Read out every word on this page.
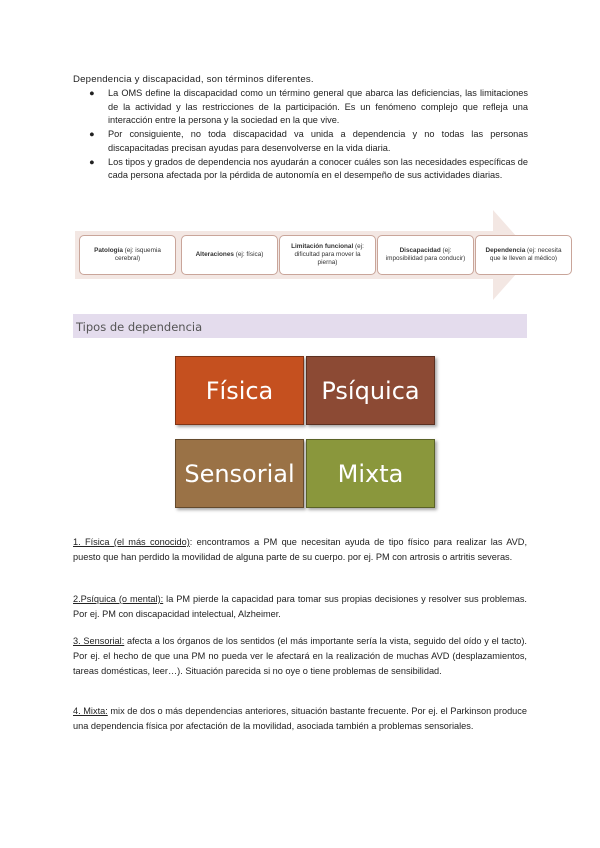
Dependencia y discapacidad, son términos diferentes.
● La OMS define la discapacidad como un término general que abarca las deficiencias, las limitaciones de la actividad y las restricciones de la participación. Es un fenómeno complejo que refleja una interacción entre la persona y la sociedad en la que vive.
● Por consiguiente, no toda discapacidad va unida a dependencia y no todas las personas discapacitadas precisan ayudas para desenvolverse en la vida diaria.
● Los tipos y grados de dependencia nos ayudarán a conocer cuáles son las necesidades específicas de cada persona afectada por la pérdida de autonomía en el desempeño de sus actividades diarias.
Patología (ej: isquemia cerebral)
Alteraciones (ej: física)
Limitación funcional (ej: dificultad para mover la pierna)
Discapacidad (ej: imposibilidad para conducir)
Dependencia (ej: necesita que le lleven al médico)
Tipos de dependencia
Física	Psíquica
Sensorial	Mixta
1. Física (el más conocido): encontramos a PM que necesitan ayuda de tipo físico para realizar las AVD, puesto que han perdido la movilidad de alguna parte de su cuerpo. por ej. PM con artrosis o artritis severas.
2.Psíquica (o mental): la PM pierde la capacidad para tomar sus propias decisiones y resolver sus problemas. Por ej. PM con discapacidad intelectual, Alzheimer.
3. Sensorial: afecta a los órganos de los sentidos (el más importante sería la vista, seguido del oído y el tacto). Por ej. el hecho de que una PM no pueda ver le afectará en la realización de muchas AVD (desplazamientos, tareas domésticas, leer…). Situación parecida si no oye o tiene problemas de sensibilidad.
4. Mixta: mix de dos o más dependencias anteriores, situación bastante frecuente. Por ej. el Parkinson produce una dependencia física por afectación de la movilidad, asociada también a problemas sensoriales.
